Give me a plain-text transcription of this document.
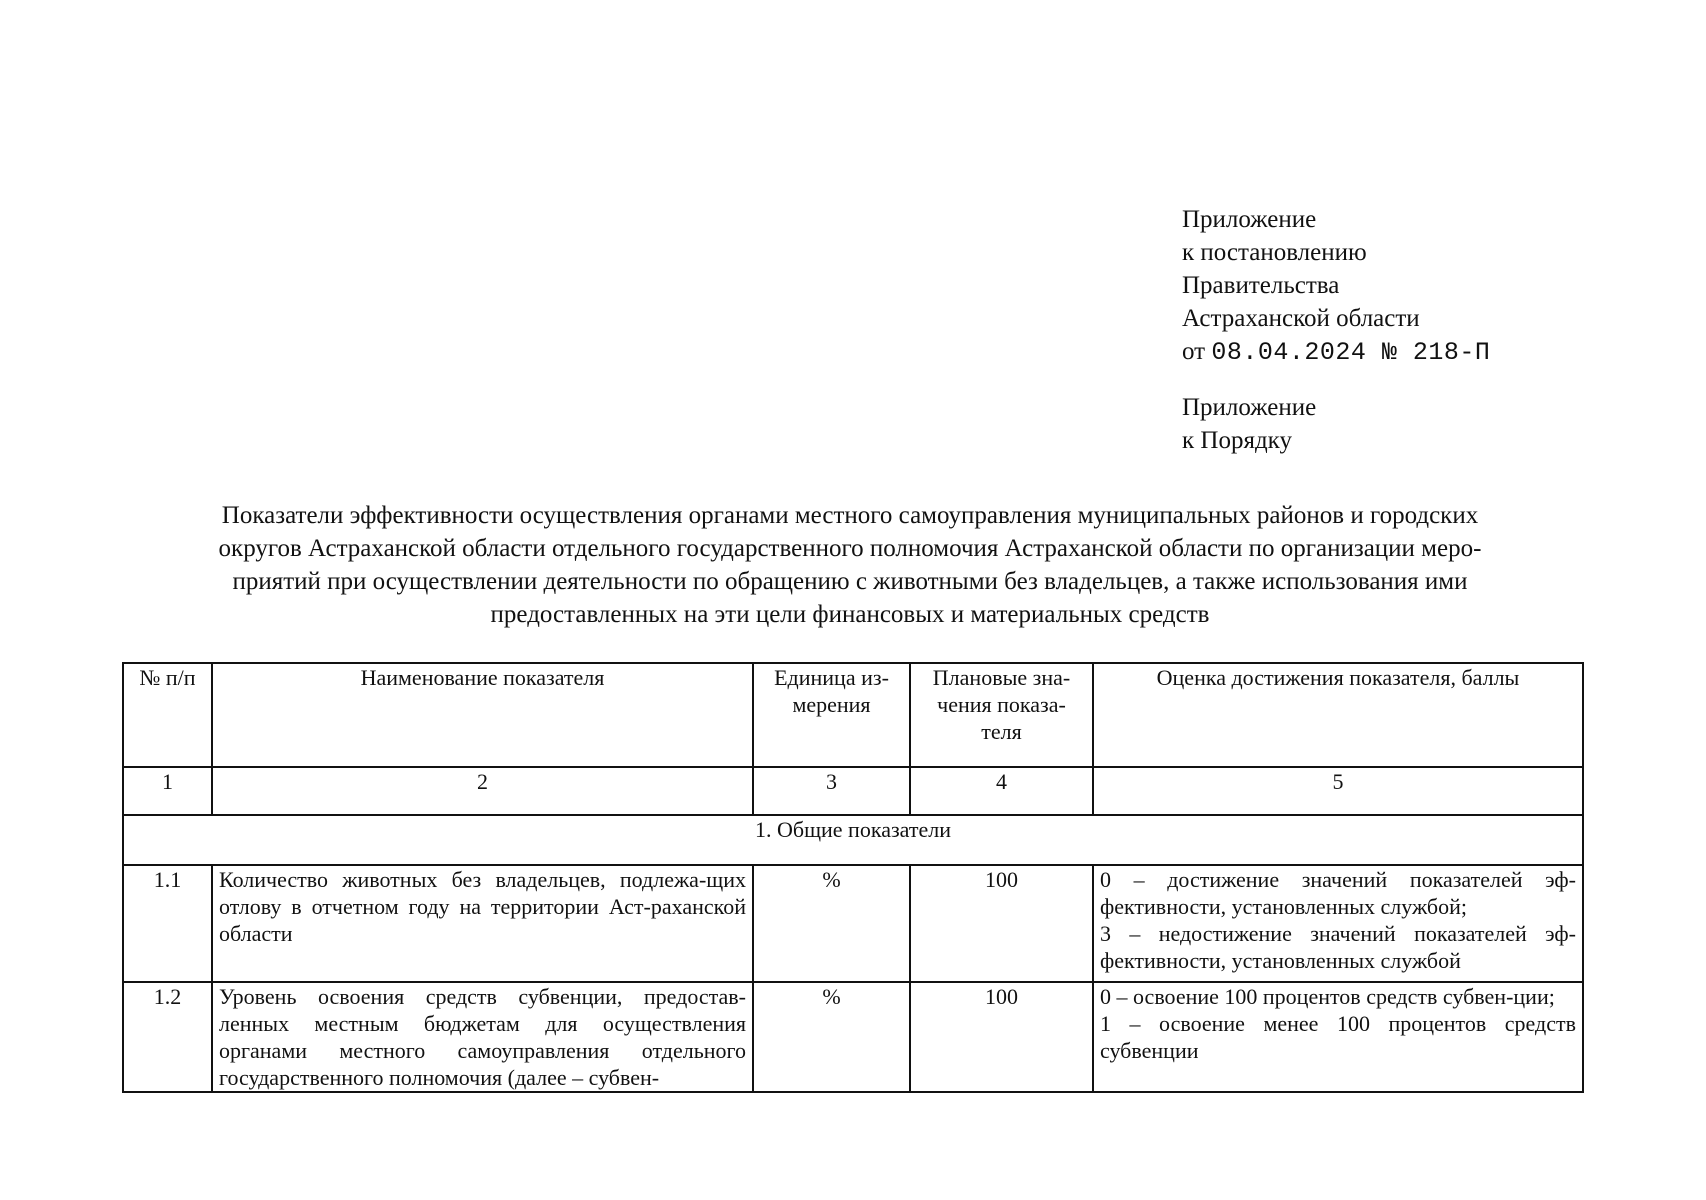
Приложение
к постановлению
Правительства
Астраханской области
от 08.04.2024 № 218-П
Приложение
к Порядку
Показатели эффективности осуществления органами местного самоуправления муниципальных районов и городских
округов Астраханской области отдельного государственного полномочия Астраханской области по организации меро-
приятий при осуществлении деятельности по обращению с животными без владельцев, а также использования ими
предоставленных на эти цели финансовых и материальных средств
№ п/п	Наименование показателя	Единица из-мерения	Плановые зна-чения показа-теля	Оценка достижения показателя, баллы
1	2	3	4	5
1. Общие показатели				
1.1	Количество животных без владельцев, подлежа-щих отлову в отчетном году на территории Аст-раханской области	%	100	0 – достижение значений показателей эф-фективности, установленных службой;
3 – недостижение значений показателей эф-фективности, установленных службой

1.2	Уровень освоения средств субвенции, предостав-ленных местным бюджетам для осуществления органами местного самоуправления отдельного государственного полномочия (далее – субвен-	%	100	0 – освоение 100 процентов средств субвен-ции;
1 – освоение менее 100 процентов средств субвенции
